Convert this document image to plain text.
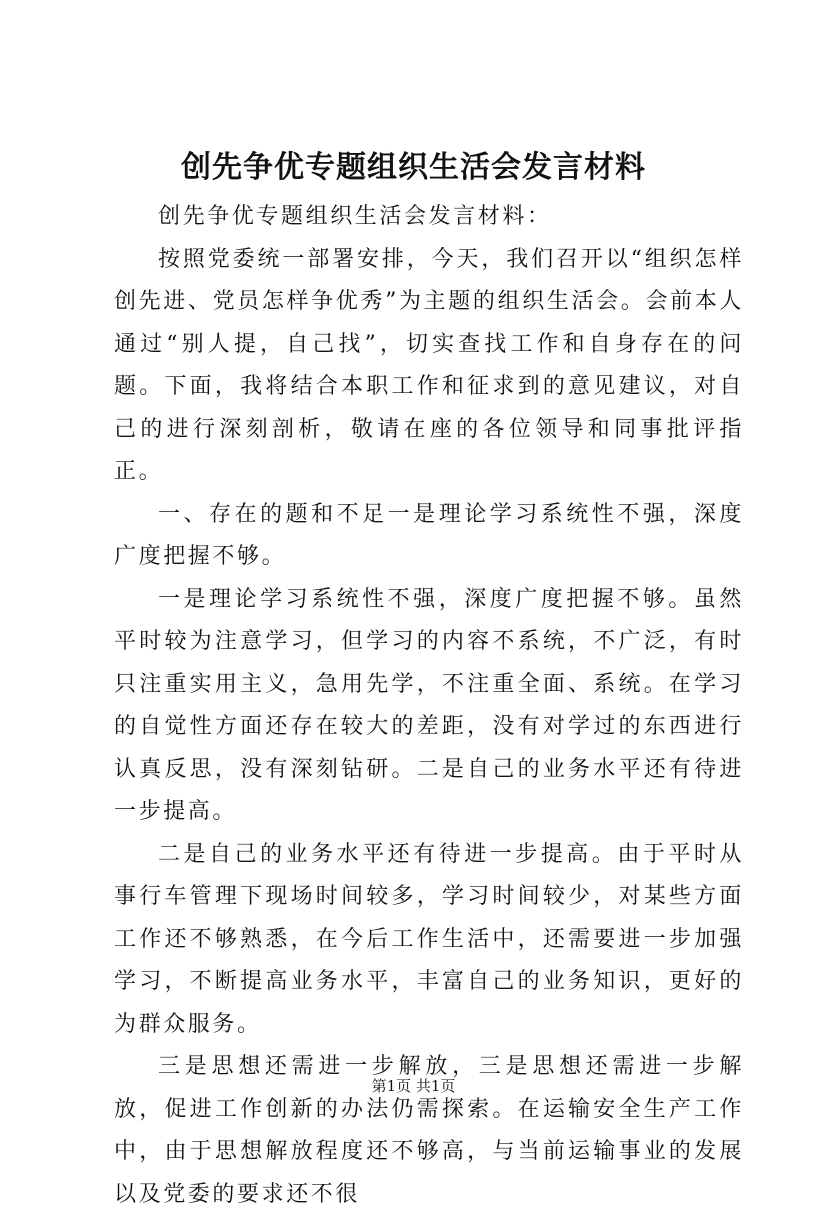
创先争优专题组织生活会发言材料

创先争优专题组织生活会发言材料：

按照党委统一部署安排，今天，我们召开以“组织怎样创先进、党员怎样争优秀”为主题的组织生活会。会前本人通过“别人提，自己找”，切实查找工作和自身存在的问题。下面，我将结合本职工作和征求到的意见建议，对自己的进行深刻剖析，敬请在座的各位领导和同事批评指正。

一、存在的题和不足一是理论学习系统性不强，深度广度把握不够。

一是理论学习系统性不强，深度广度把握不够。虽然平时较为注意学习，但学习的内容不系统，不广泛，有时只注重实用主义，急用先学，不注重全面、系统。在学习的自觉性方面还存在较大的差距，没有对学过的东西进行认真反思，没有深刻钻研。二是自己的业务水平还有待进一步提高。

二是自己的业务水平还有待进一步提高。由于平时从事行车管理下现场时间较多，学习时间较少，对某些方面工作还不够熟悉，在今后工作生活中，还需要进一步加强学习，不断提高业务水平，丰富自己的业务知识，更好的为群众服务。

三是思想还需进一步解放，三是思想还需进一步解放，促进工作创新的办法仍需探索。在运输安全生产工作中，由于思想解放程度还不够高，与当前运输事业的发展以及党委的要求还不很

第1页 共1页
